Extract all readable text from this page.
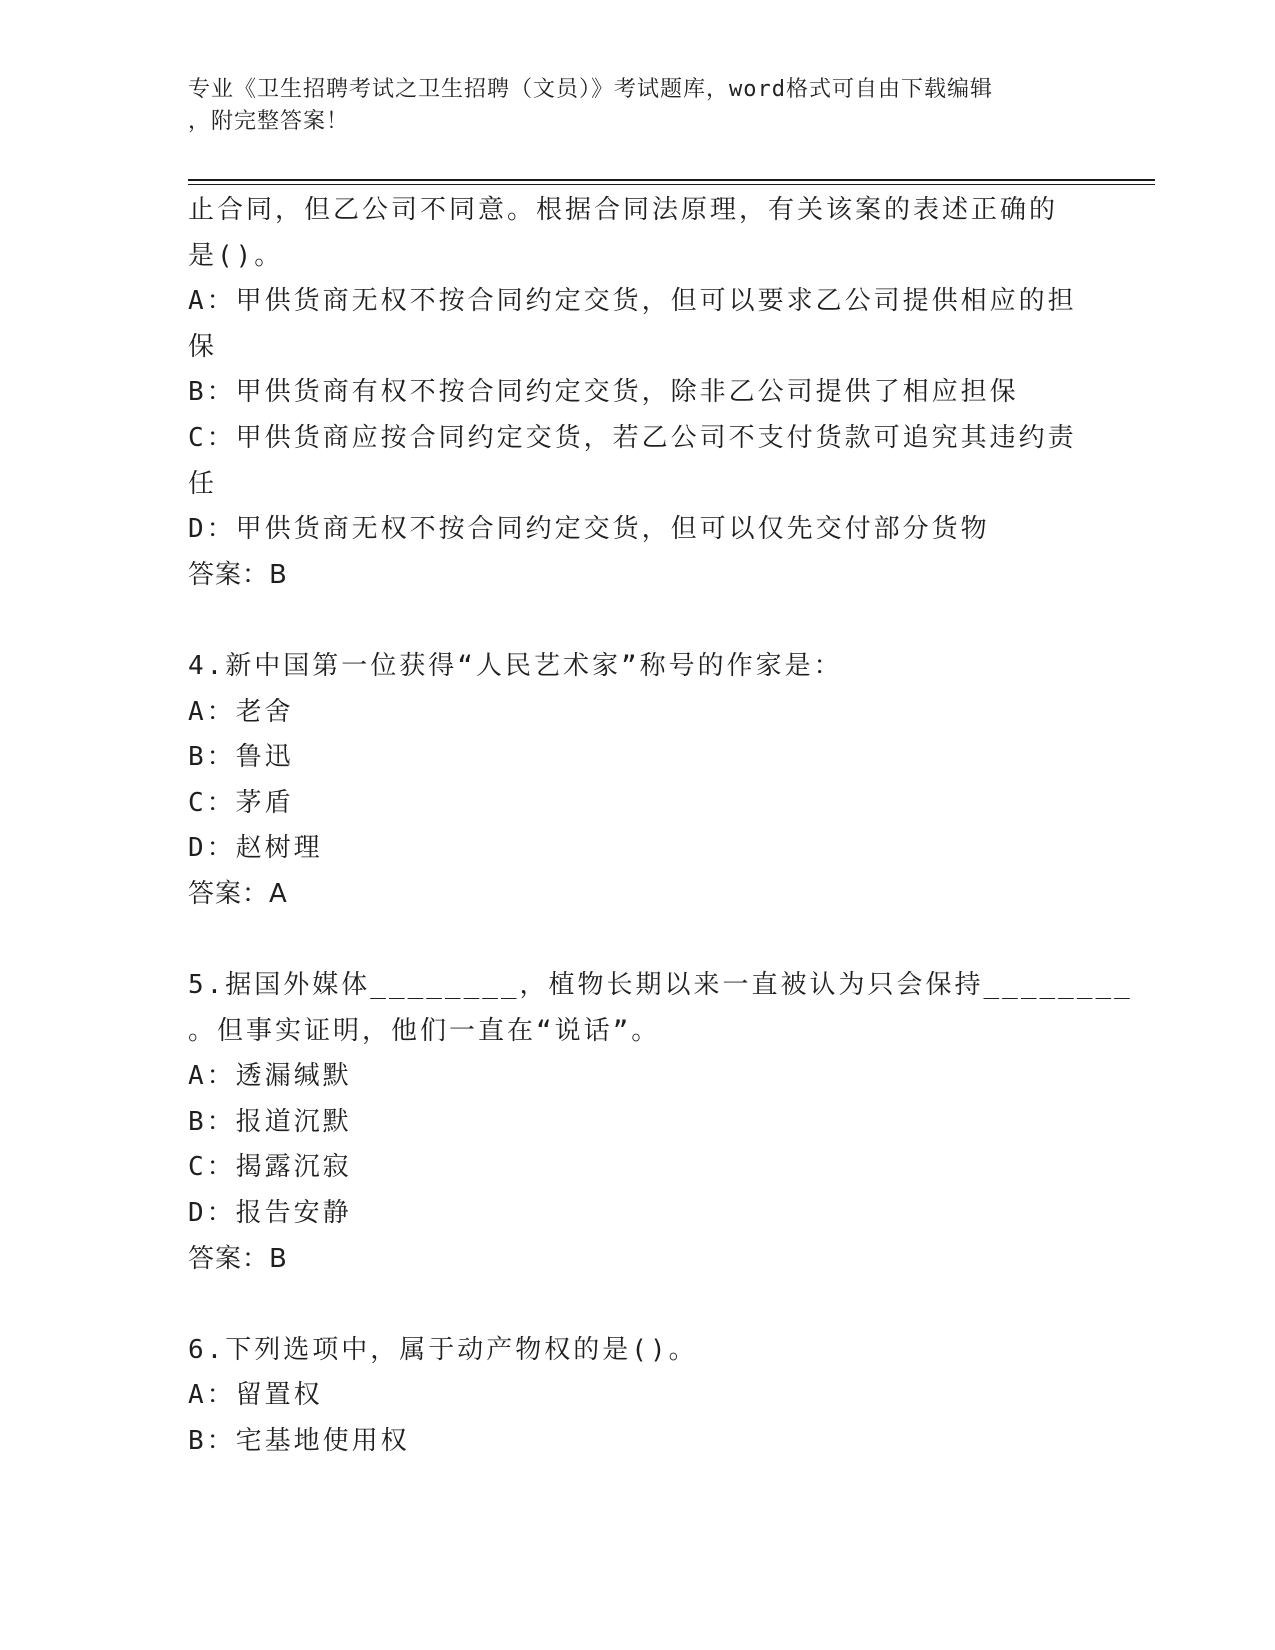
专业《卫生招聘考试之卫生招聘（文员）》考试题库，word格式可自由下载编辑
，附完整答案！
止合同，但乙公司不同意。根据合同法原理，有关该案的表述正确的
是()。
A：甲供货商无权不按合同约定交货，但可以要求乙公司提供相应的担
保
B：甲供货商有权不按合同约定交货，除非乙公司提供了相应担保
C：甲供货商应按合同约定交货，若乙公司不支付货款可追究其违约责
任
D：甲供货商无权不按合同约定交货，但可以仅先交付部分货物
答案：B
4.新中国第一位获得“人民艺术家”称号的作家是：
A：老舍
B：鲁迅
C：茅盾
D：赵树理
答案：A
5.据国外媒体________，植物长期以来一直被认为只会保持________
。但事实证明，他们一直在“说话”。
A：透漏缄默
B：报道沉默
C：揭露沉寂
D：报告安静
答案：B
6.下列选项中，属于动产物权的是()。
A：留置权
B：宅基地使用权
